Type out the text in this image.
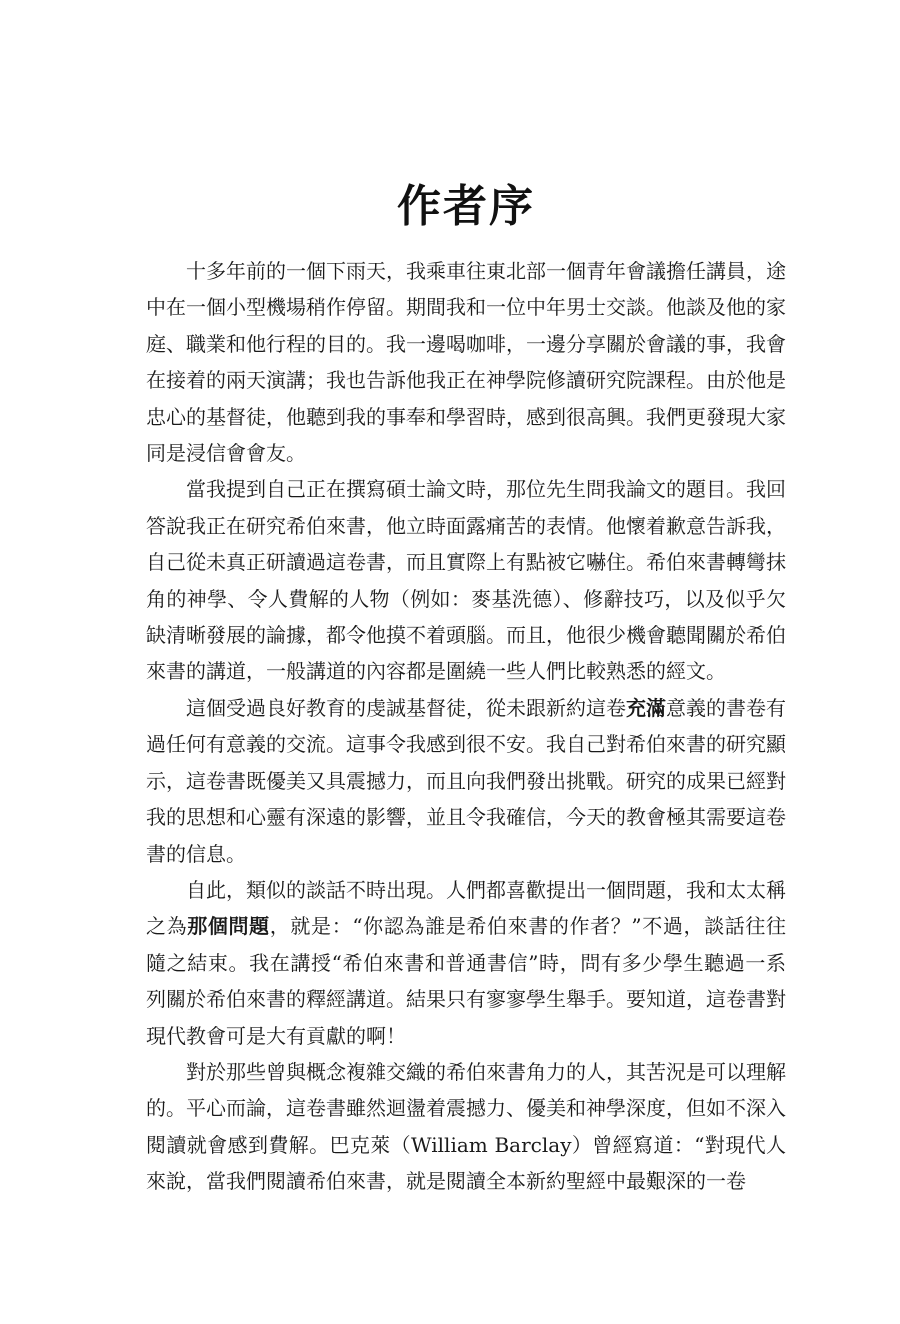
作者序

十多年前的一個下雨天，我乘車往東北部一個青年會議擔任講員，途中在一個小型機場稍作停留。期間我和一位中年男士交談。他談及他的家庭、職業和他行程的目的。我一邊喝咖啡，一邊分享關於會議的事，我會在接着的兩天演講；我也告訴他我正在神學院修讀研究院課程。由於他是忠心的基督徒，他聽到我的事奉和學習時，感到很高興。我們更發現大家同是浸信會會友。

當我提到自己正在撰寫碩士論文時，那位先生問我論文的題目。我回答說我正在研究希伯來書，他立時面露痛苦的表情。他懷着歉意告訴我，自己從未真正研讀過這卷書，而且實際上有點被它嚇住。希伯來書轉彎抹角的神學、令人費解的人物（例如：麥基洗德）、修辭技巧，以及似乎欠缺清晰發展的論據，都令他摸不着頭腦。而且，他很少機會聽聞關於希伯來書的講道，一般講道的內容都是圍繞一些人們比較熟悉的經文。

這個受過良好教育的虔誠基督徒，從未跟新約這卷充滿意義的書卷有過任何有意義的交流。這事令我感到很不安。我自己對希伯來書的研究顯示，這卷書既優美又具震撼力，而且向我們發出挑戰。研究的成果已經對我的思想和心靈有深遠的影響，並且令我確信，今天的教會極其需要這卷書的信息。

自此，類似的談話不時出現。人們都喜歡提出一個問題，我和太太稱之為那個問題，就是：“你認為誰是希伯來書的作者？”不過，談話往往隨之結束。我在講授“希伯來書和普通書信”時，問有多少學生聽過一系列關於希伯來書的釋經講道。結果只有寥寥學生舉手。要知道，這卷書對現代教會可是大有貢獻的啊！

對於那些曾與概念複雜交織的希伯來書角力的人，其苦況是可以理解的。平心而論，這卷書雖然迴盪着震撼力、優美和神學深度，但如不深入閱讀就會感到費解。巴克萊（William Barclay）曾經寫道：“對現代人來說，當我們閱讀希伯來書，就是閱讀全本新約聖經中最艱深的一卷
